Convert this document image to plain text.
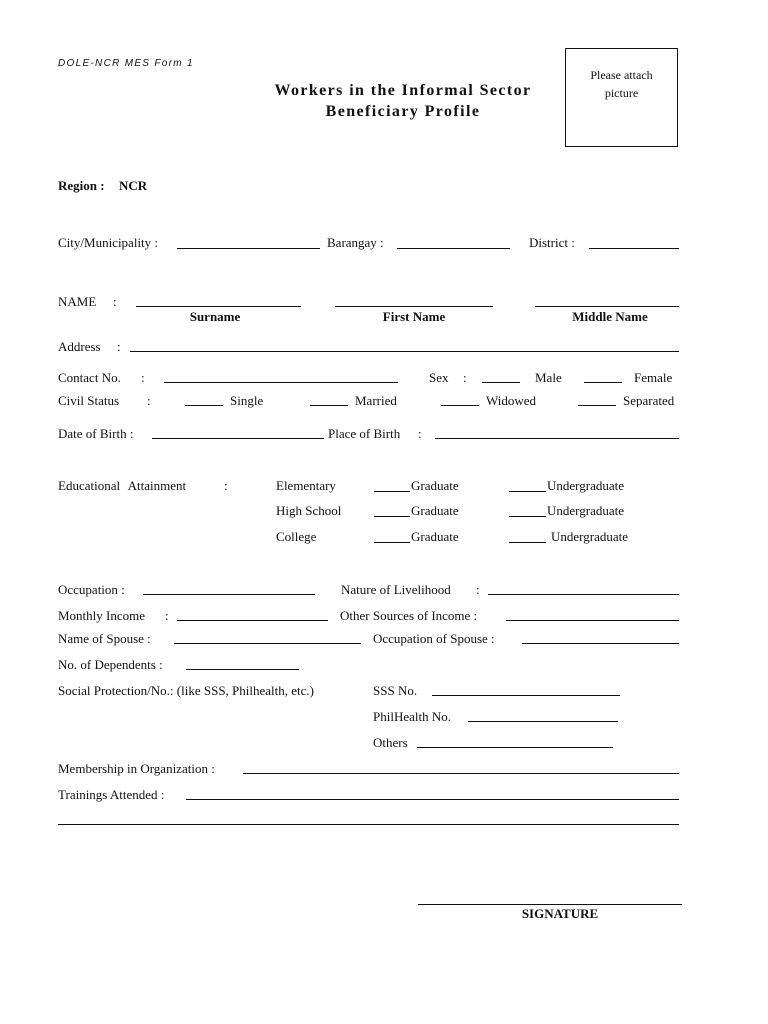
DOLE-NCR MES Form 1
Workers in the Informal Sector
Beneficiary Profile
Please attach
picture
Region : NCR
City/Municipality :	Barangay :	District :
NAME :
Surname	First Name	Middle Name
Address :
Contact No. :	Sex :	Male	Female
Civil Status :	Single	Married	Widowed	Separated
Date of Birth :	Place of Birth :
Educational Attainment	:	Elementary	Graduate	Undergraduate
High School	Graduate	Undergraduate
College	Graduate	Undergraduate
Occupation :	Nature of Livelihood :
Monthly Income :	Other Sources of Income :
Name of Spouse :	Occupation of Spouse :
No. of Dependents :
Social Protection/No.: (like SSS, Philhealth, etc.)	SSS No.
PhilHealth No.
Others
Membership in Organization :
Trainings Attended :
SIGNATURE
